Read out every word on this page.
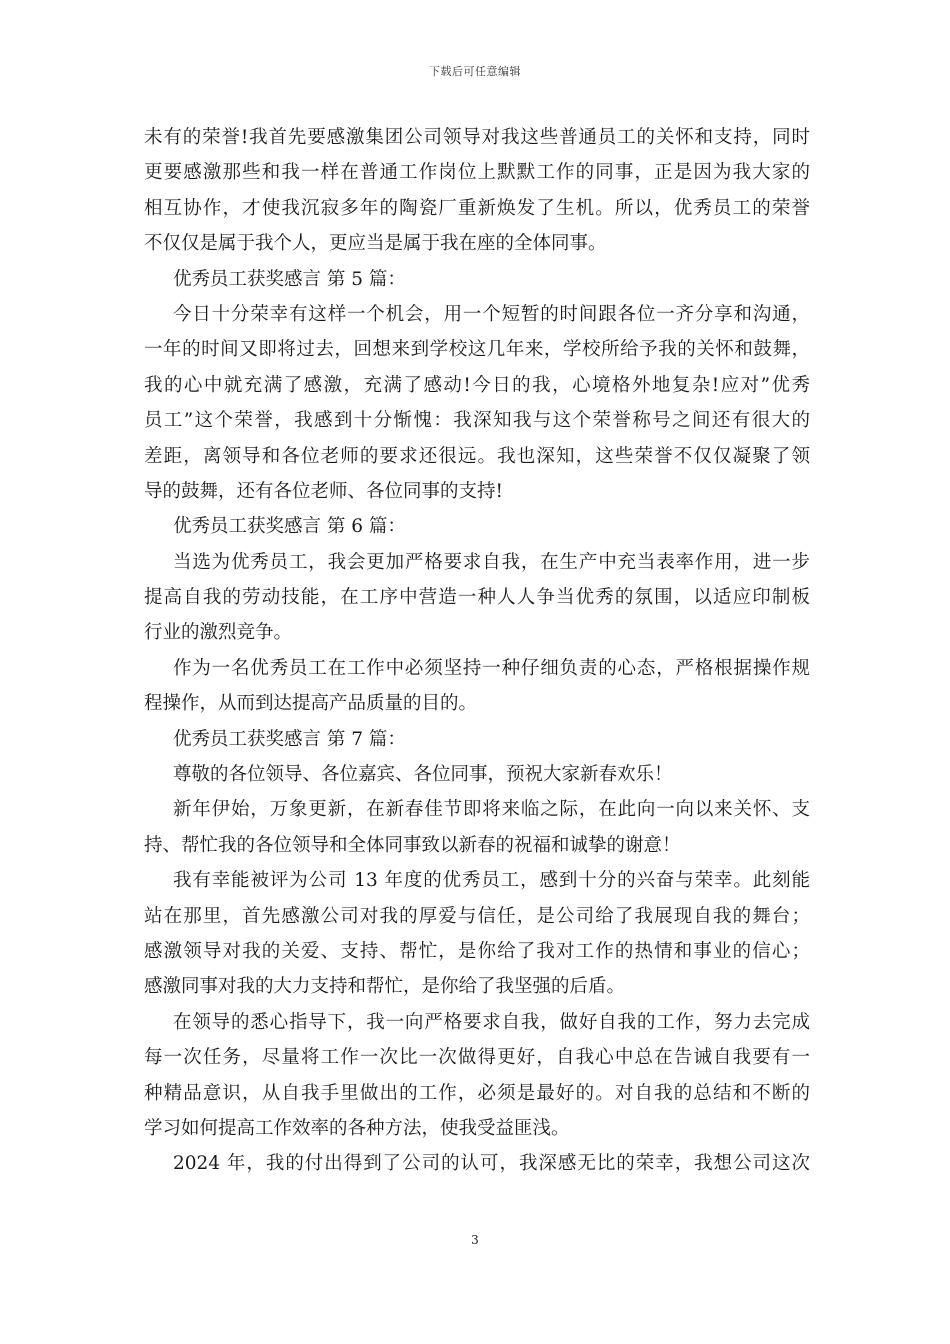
下载后可任意编辑
未有的荣誉!我首先要感激集团公司领导对我这些普通员工的关怀和支持，同时
更要感激那些和我一样在普通工作岗位上默默工作的同事，正是因为我大家的
相互协作，才使我沉寂多年的陶瓷厂重新焕发了生机。所以，优秀员工的荣誉
不仅仅是属于我个人，更应当是属于我在座的全体同事。
优秀员工获奖感言 第 5 篇：
今日十分荣幸有这样一个机会，用一个短暂的时间跟各位一齐分享和沟通，
一年的时间又即将过去，回想来到学校这几年来，学校所给予我的关怀和鼓舞，
我的心中就充满了感激，充满了感动!今日的我，心境格外地复杂!应对”优秀
员工”这个荣誉，我感到十分惭愧：我深知我与这个荣誉称号之间还有很大的
差距，离领导和各位老师的要求还很远。我也深知，这些荣誉不仅仅凝聚了领
导的鼓舞，还有各位老师、各位同事的支持!
优秀员工获奖感言 第 6 篇：
当选为优秀员工，我会更加严格要求自我，在生产中充当表率作用，进一步
提高自我的劳动技能，在工序中营造一种人人争当优秀的氛围，以适应印制板
行业的激烈竞争。
作为一名优秀员工在工作中必须坚持一种仔细负责的心态，严格根据操作规
程操作，从而到达提高产品质量的目的。
优秀员工获奖感言 第 7 篇：
尊敬的各位领导、各位嘉宾、各位同事，预祝大家新春欢乐！
新年伊始，万象更新，在新春佳节即将来临之际，在此向一向以来关怀、支
持、帮忙我的各位领导和全体同事致以新春的祝福和诚挚的谢意！
我有幸能被评为公司 13 年度的优秀员工，感到十分的兴奋与荣幸。此刻能
站在那里，首先感激公司对我的厚爱与信任，是公司给了我展现自我的舞台；
感激领导对我的关爱、支持、帮忙，是你给了我对工作的热情和事业的信心；
感激同事对我的大力支持和帮忙，是你给了我坚强的后盾。
在领导的悉心指导下，我一向严格要求自我，做好自我的工作，努力去完成
每一次任务，尽量将工作一次比一次做得更好，自我心中总在告诫自我要有一
种精品意识，从自我手里做出的工作，必须是最好的。对自我的总结和不断的
学习如何提高工作效率的各种方法，使我受益匪浅。
2024 年，我的付出得到了公司的认可，我深感无比的荣幸，我想公司这次
3
